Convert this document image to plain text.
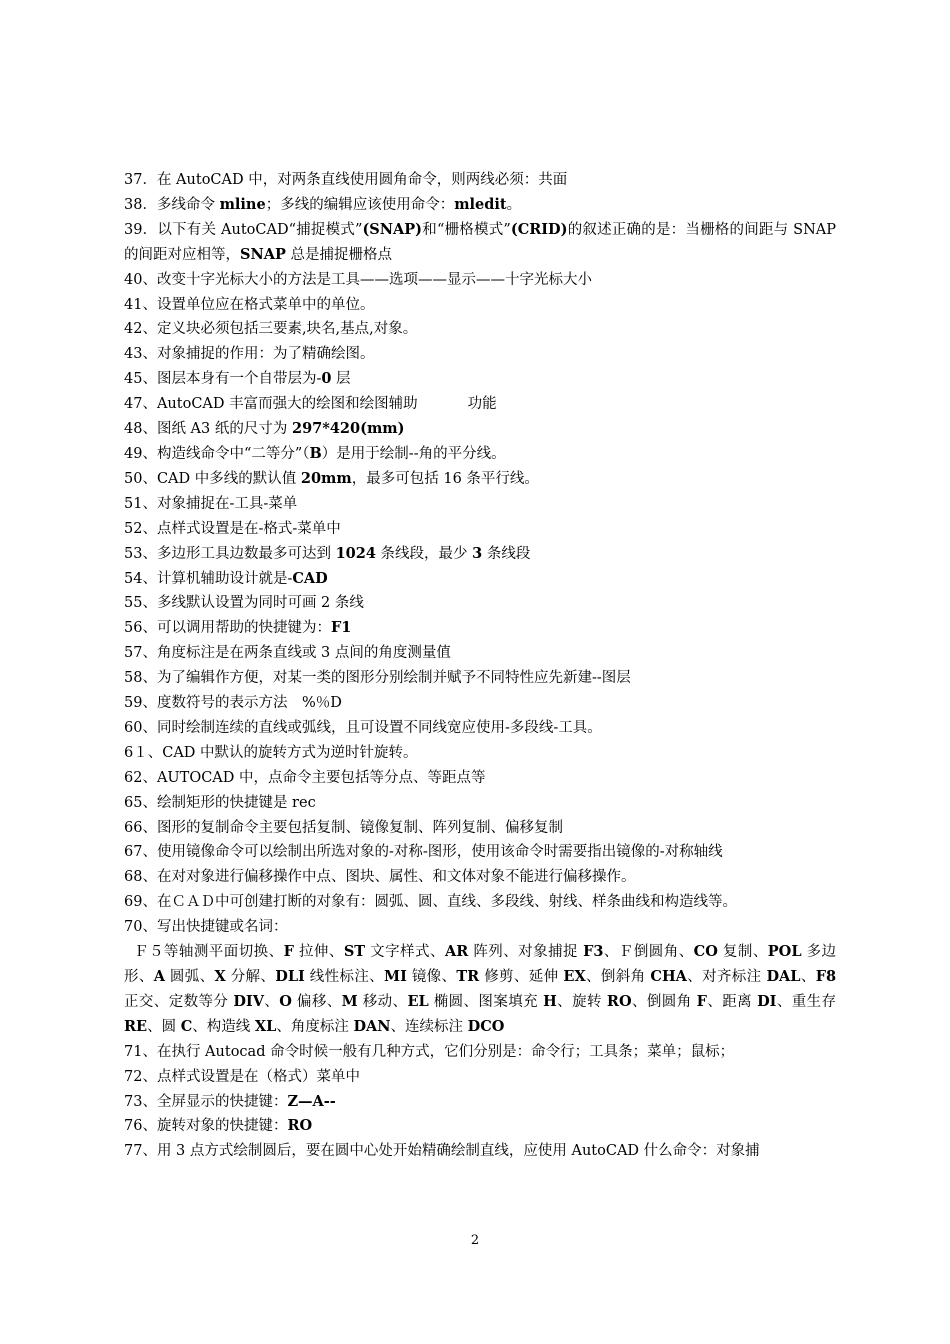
37．在 AutoCAD 中，对两条直线使用圆角命令，则两线必须：共面
38．多线命令 mline；多线的编辑应该使用命令：mledit。
39．以下有关 AutoCAD“捕捉模式”(SNAP)和“栅格模式”(CRID)的叙述正确的是：当栅格的间距与 SNAP 的间距对应相等，SNAP 总是捕捉栅格点
40、改变十字光标大小的方法是工具——选项——显示——十字光标大小
41、设置单位应在格式菜单中的单位。
42、定义块必须包括三要素,块名,基点,对象。
43、对象捕捉的作用：为了精确绘图。
45、图层本身有一个自带层为-0 层
47、AutoCAD 丰富而强大的绘图和绘图辅助	功能
48、图纸 A3 纸的尺寸为 297*420(mm)
49、构造线命令中“二等分”（B）是用于绘制--角的平分线。
50、CAD 中多线的默认值 20mm，最多可包括 16 条平行线。
51、对象捕捉在-工具-菜单
52、点样式设置是在-格式-菜单中
53、多边形工具边数最多可达到 1024 条线段，最少 3 条线段
54、计算机辅助设计就是-CAD
55、多线默认设置为同时可画 2 条线
56、可以调用帮助的快捷键为：F1
57、角度标注是在两条直线或 3 点间的角度测量值
58、为了编辑作方便，对某一类的图形分别绘制并赋予不同特性应先新建--图层
59、度数符号的表示方法　%％D
60、同时绘制连续的直线或弧线，且可设置不同线宽应使用-多段线-工具。
6１、CAD 中默认的旋转方式为逆时针旋转。
62、AUTOCAD 中，点命令主要包括等分点、等距点等
65、绘制矩形的快捷键是 rec
66、图形的复制命令主要包括复制、镜像复制、阵列复制、偏移复制
67、使用镜像命令可以绘制出所选对象的-对称-图形，使用该命令时需要指出镜像的-对称轴线
68、在对对象进行偏移操作中点、图块、属性、和文体对象不能进行偏移操作。
69、在ＣＡＤ中可创建打断的对象有：圆弧、圆、直线、多段线、射线、样条曲线和构造线等。
70、写出快捷键或名词：
Ｆ５等轴测平面切换、F 拉伸、ST 文字样式、AR 阵列、对象捕捉 F3、Ｆ倒圆角、CO 复制、POL 多边形、A 圆弧、X 分解、DLI 线性标注、MI 镜像、TR 修剪、延伸 EX、倒斜角 CHA、对齐标注 DAL、F8 正交、定数等分 DIV、O 偏移、M 移动、EL 椭圆、图案填充 H、旋转 RO、倒圆角 F、距离 DI、重生存 RE、圆 C、构造线 XL、角度标注 DAN、连续标注 DCO
71、在执行 Autocad 命令时候一般有几种方式，它们分别是：命令行；工具条；菜单；鼠标；
72、点样式设置是在（格式）菜单中
73、全屏显示的快捷键：Z—A--
76、旋转对象的快捷键：RO
77、用 3 点方式绘制圆后，要在圆中心处开始精确绘制直线，应使用 AutoCAD 什么命令：对象捕
2
